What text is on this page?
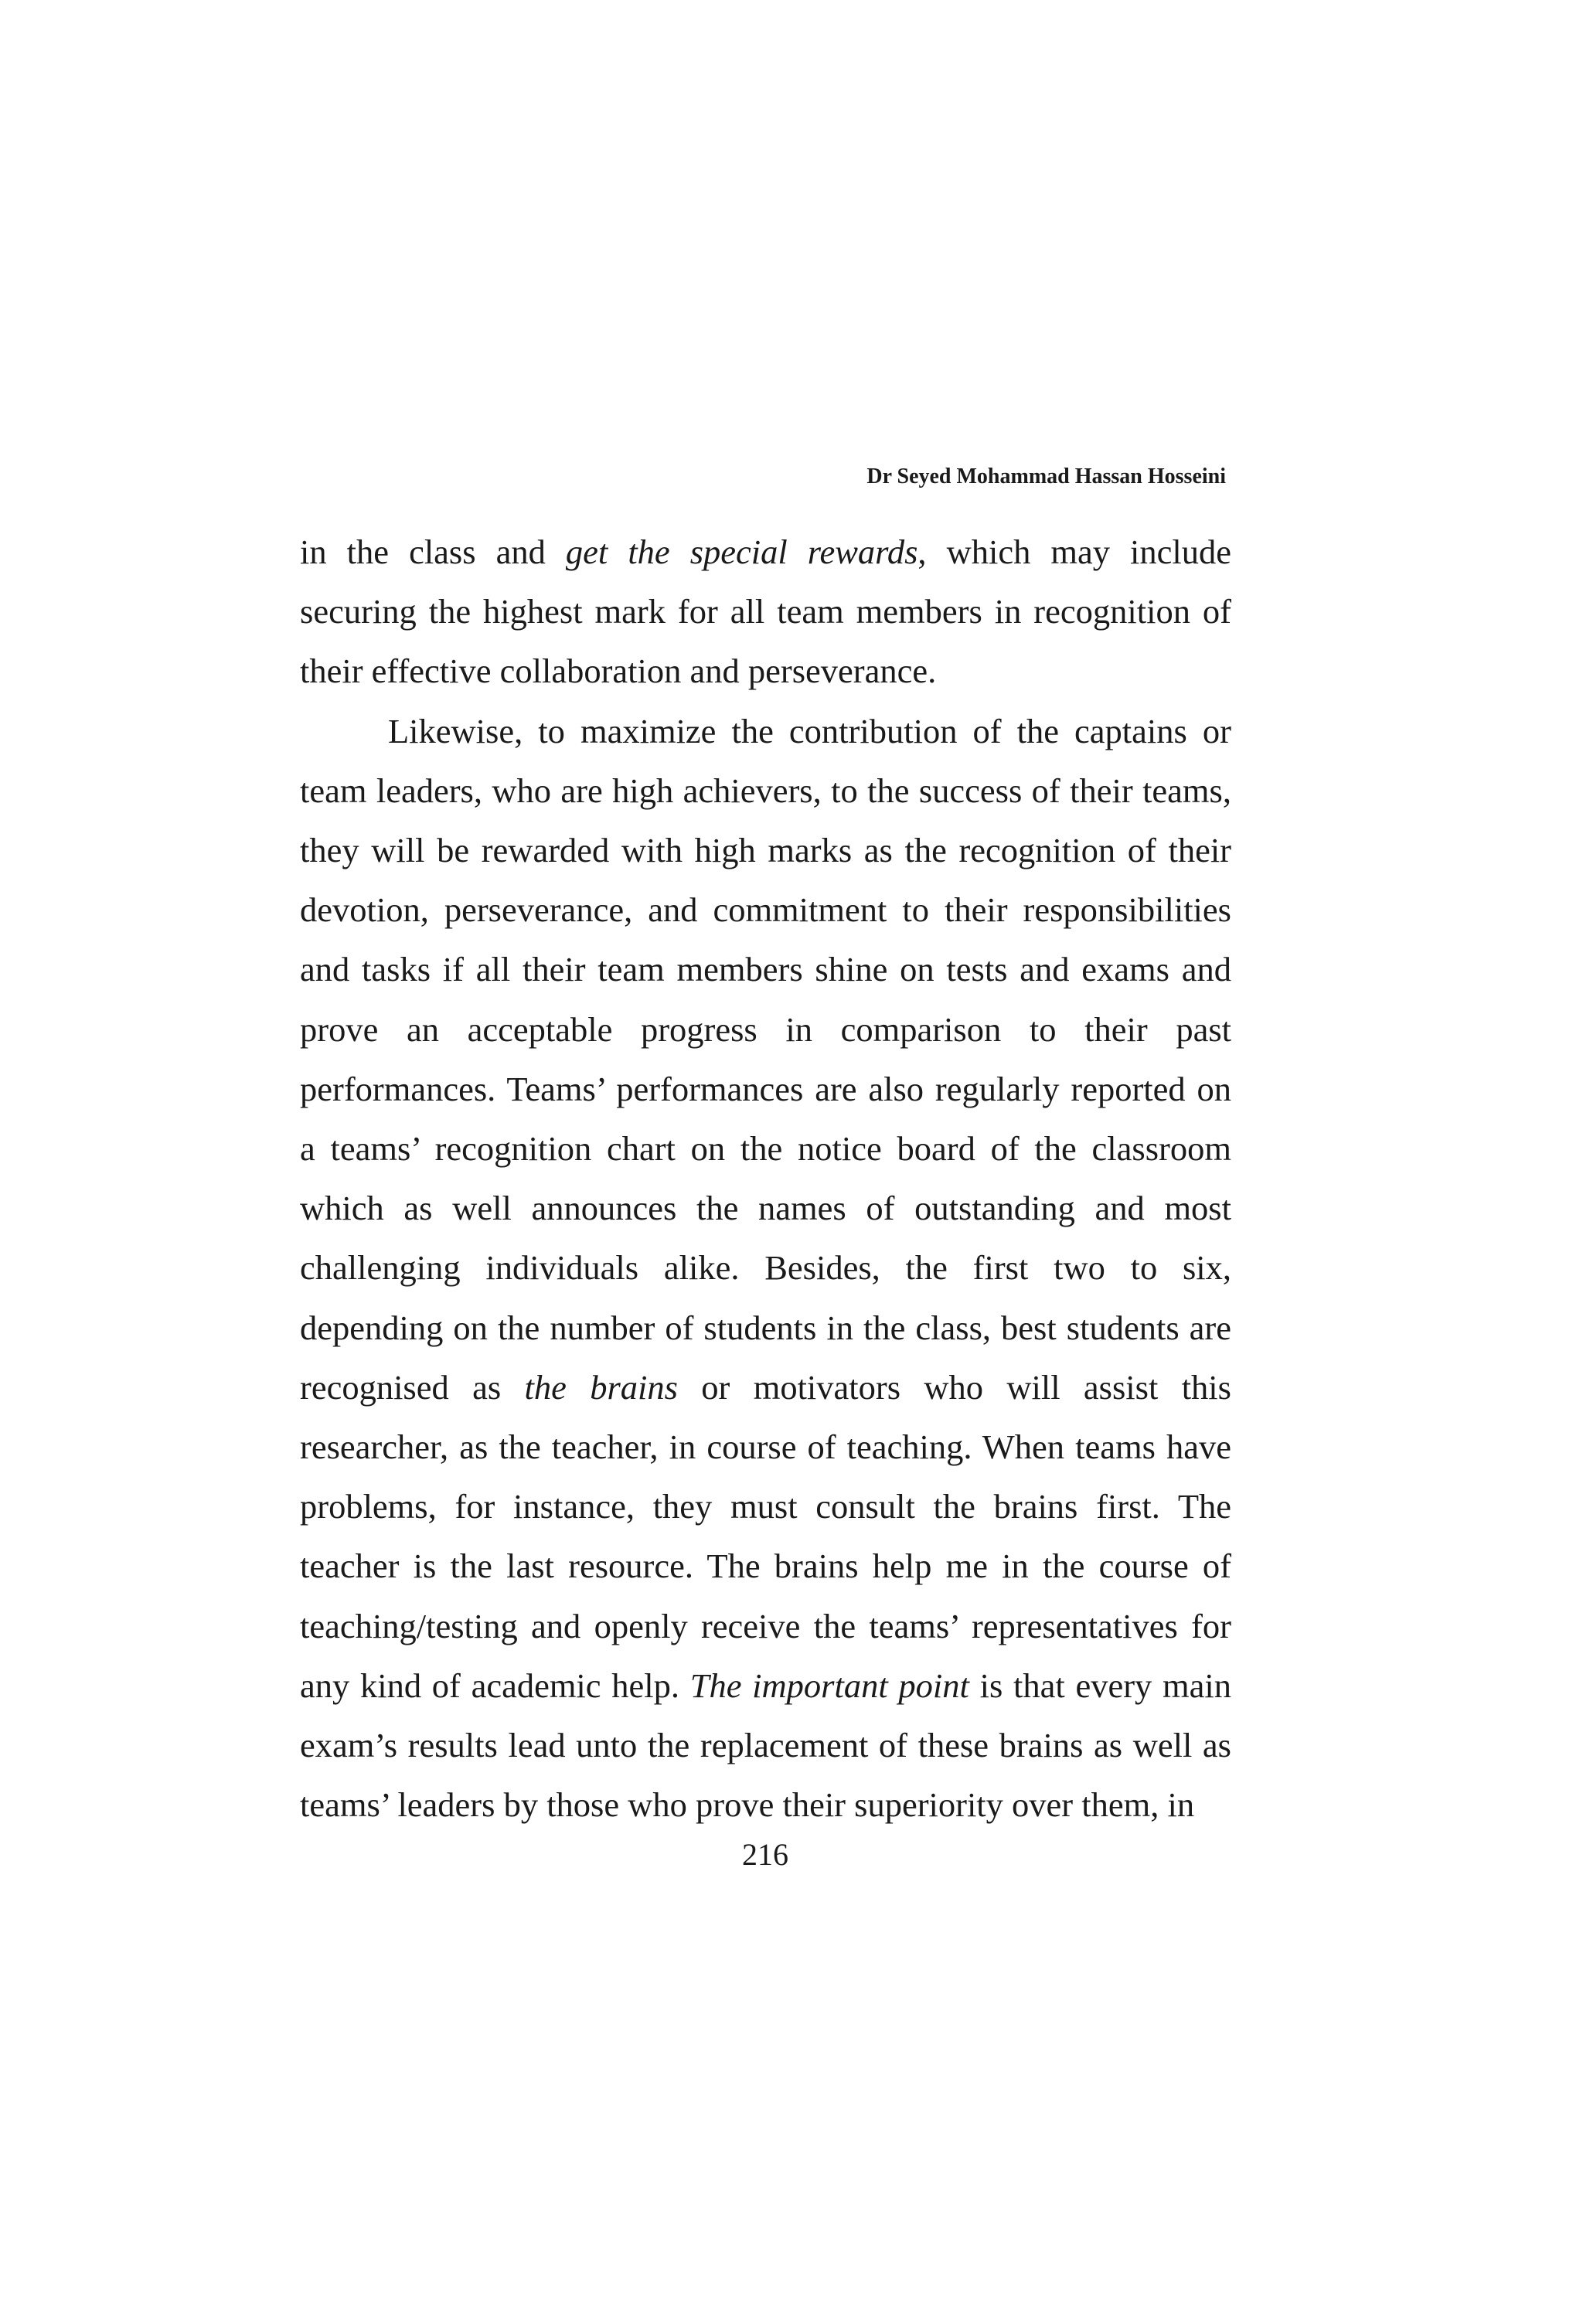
Dr Seyed Mohammad Hassan Hosseini

in the class and get the special rewards, which may include securing the highest mark for all team members in recognition of their effective collaboration and perseverance.

Likewise, to maximize the contribution of the captains or team leaders, who are high achievers, to the success of their teams, they will be rewarded with high marks as the recognition of their devotion, perseverance, and commitment to their responsibilities and tasks if all their team members shine on tests and exams and prove an acceptable progress in comparison to their past performances. Teams’ performances are also regularly reported on a teams’ recognition chart on the notice board of the classroom which as well announces the names of outstanding and most challenging individuals alike. Besides, the first two to six, depending on the number of students in the class, best students are recognised as the brains or motivators who will assist this researcher, as the teacher, in course of teaching. When teams have problems, for instance, they must consult the brains first. The teacher is the last resource. The brains help me in the course of teaching/testing and openly receive the teams’ representatives for any kind of academic help. The important point is that every main exam’s results lead unto the replacement of these brains as well as teams’ leaders by those who prove their superiority over them, in

216
